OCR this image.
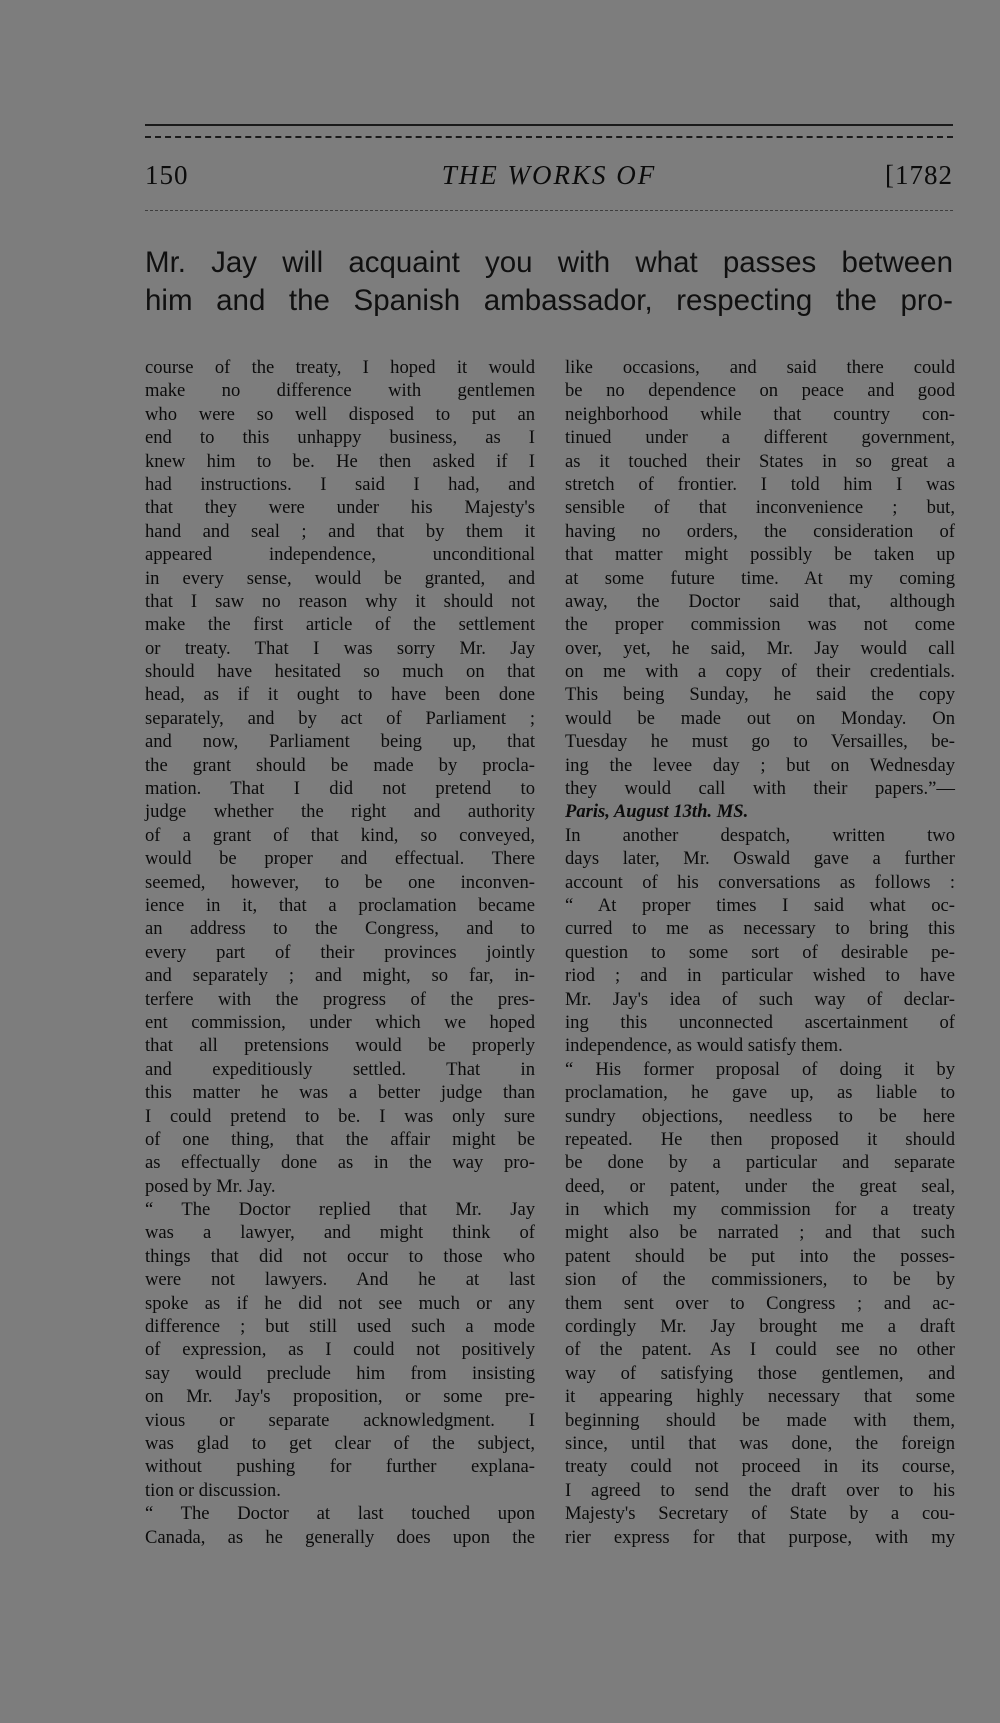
150	THE WORKS OF	[1782
Mr. Jay will acquaint you with what passes between
him and the Spanish ambassador, respecting the pro-
course of the treaty, I hoped it would
make no difference with gentlemen
who were so well disposed to put an
end to this unhappy business, as I
knew him to be. He then asked if I
had instructions. I said I had, and
that they were under his Majesty's
hand and seal ; and that by them it
appeared independence, unconditional
in every sense, would be granted, and
that I saw no reason why it should not
make the first article of the settlement
or treaty. That I was sorry Mr. Jay
should have hesitated so much on that
head, as if it ought to have been done
separately, and by act of Parliament ;
and now, Parliament being up, that
the grant should be made by procla-
mation. That I did not pretend to
judge whether the right and authority
of a grant of that kind, so conveyed,
would be proper and effectual. There
seemed, however, to be one inconven-
ience in it, that a proclamation became
an address to the Congress, and to
every part of their provinces jointly
and separately ; and might, so far, in-
terfere with the progress of the pres-
ent commission, under which we hoped
that all pretensions would be properly
and expeditiously settled. That in
this matter he was a better judge than
I could pretend to be. I was only sure
of one thing, that the affair might be
as effectually done as in the way pro-
posed by Mr. Jay.
“ The Doctor replied that Mr. Jay
was a lawyer, and might think of
things that did not occur to those who
were not lawyers. And he at last
spoke as if he did not see much or any
difference ; but still used such a mode
of expression, as I could not positively
say would preclude him from insisting
on Mr. Jay's proposition, or some pre-
vious or separate acknowledgment. I
was glad to get clear of the subject,
without pushing for further explana-
tion or discussion.
“ The Doctor at last touched upon
Canada, as he generally does upon the
like occasions, and said there could
be no dependence on peace and good
neighborhood while that country con-
tinued under a different government,
as it touched their States in so great a
stretch of frontier. I told him I was
sensible of that inconvenience ; but,
having no orders, the consideration of
that matter might possibly be taken up
at some future time. At my coming
away, the Doctor said that, although
the proper commission was not come
over, yet, he said, Mr. Jay would call
on me with a copy of their credentials.
This being Sunday, he said the copy
would be made out on Monday. On
Tuesday he must go to Versailles, be-
ing the levee day ; but on Wednesday
they would call with their papers.”—
Paris, August 13th. MS.
In another despatch, written two
days later, Mr. Oswald gave a further
account of his conversations as follows :
“ At proper times I said what oc-
curred to me as necessary to bring this
question to some sort of desirable pe-
riod ; and in particular wished to have
Mr. Jay's idea of such way of declar-
ing this unconnected ascertainment of
independence, as would satisfy them.
“ His former proposal of doing it by
proclamation, he gave up, as liable to
sundry objections, needless to be here
repeated. He then proposed it should
be done by a particular and separate
deed, or patent, under the great seal,
in which my commission for a treaty
might also be narrated ; and that such
patent should be put into the posses-
sion of the commissioners, to be by
them sent over to Congress ; and ac-
cordingly Mr. Jay brought me a draft
of the patent. As I could see no other
way of satisfying those gentlemen, and
it appearing highly necessary that some
beginning should be made with them,
since, until that was done, the foreign
treaty could not proceed in its course,
I agreed to send the draft over to his
Majesty's Secretary of State by a cou-
rier express for that purpose, with my
